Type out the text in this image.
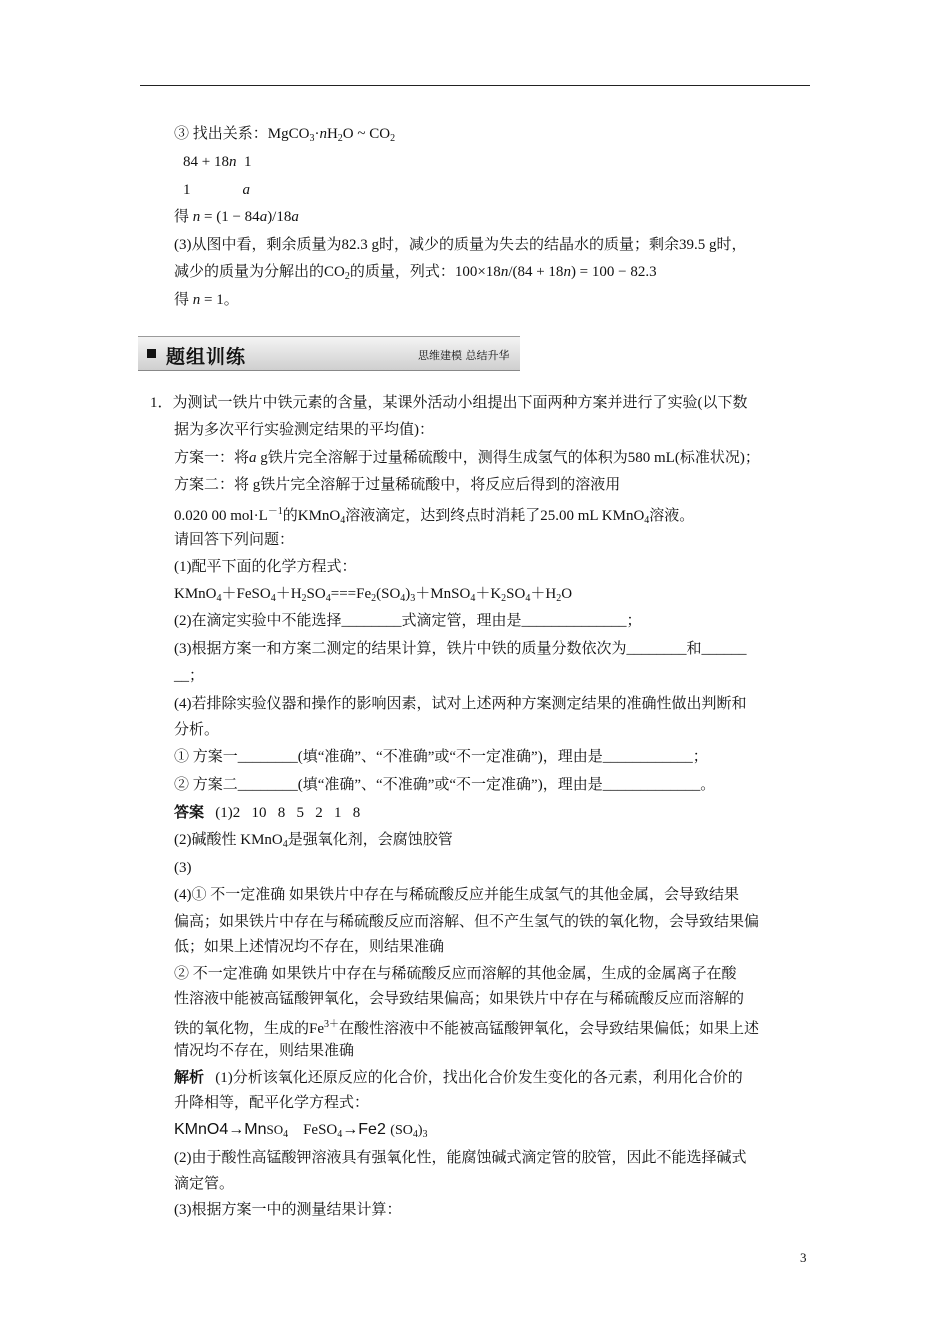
③ 找出关系：$MgCO_3\cdot nH_2O$ ~ $CO_2$
84 + 18n  1
1	a
得 n = (1 − 84a)/18a
(3)从图中看，剩余质量为82.3 g时，减少的质量为失去的结晶水的质量；剩余39.5 g时，
减少的质量为分解出的$CO_2$的质量，列式：100×18n/(84 + 18n) = 100 − 82.3
得 n = 1。
题组训练	思维建模 总结升华
1．为测试一铁片中铁元素的含量，某课外活动小组提出下面两种方案并进行了实验(以下数
据为多次平行实验测定结果的平均值)：
方案一：将a g铁片完全溶解于过量稀硫酸中，测得生成氢气的体积为580 mL(标准状况)；
方案二：将 g铁片完全溶解于过量稀硫酸中，将反应后得到的溶液用
0.020 00 $mol\cdot L^{-1}$的KMnO$_4$溶液滴定，达到终点时消耗了25.00 mL KMnO$_4$溶液。
请回答下列问题：
(1)配平下面的化学方程式：
$KMnO_4+FeSO_4+H_2SO_4===Fe_2(SO_4)_3+MnSO_4+K_2SO_4+H_2O$
(2)在滴定实验中不能选择________式滴定管，理由是______________；
(3)根据方案一和方案二测定的结果计算，铁片中铁的质量分数依次为________和______
__；
(4)若排除实验仪器和操作的影响因素，试对上述两种方案测定结果的准确性做出判断和
分析。
① 方案一________(填“准确”、“不准确”或“不一定准确”)，理由是____________；
② 方案二________(填“准确”、“不准确”或“不一定准确”)，理由是_____________。
答案   (1)2   10   8   5   2   1   8
(2)碱酸性 KMnO$_4$是强氧化剂，会腐蚀胶管
(3)
(4)① 不一定准确 如果铁片中存在与稀硫酸反应并能生成氢气的其他金属，会导致结果
偏高；如果铁片中存在与稀硫酸反应而溶解、但不产生氢气的铁的氧化物，会导致结果偏
低；如果上述情况均不存在，则结果准确
② 不一定准确 如果铁片中存在与稀硫酸反应而溶解的其他金属，生成的金属离子在酸
性溶液中能被高锰酸钾氧化，会导致结果偏高；如果铁片中存在与稀硫酸反应而溶解的
铁的氧化物，生成的$Fe^{3+}$在酸性溶液中不能被高锰酸钾氧化，会导致结果偏低；如果上述
情况均不存在，则结果准确
解析   (1)分析该氧化还原反应的化合价，找出化合价发生变化的各元素，利用化合价的
升降相等，配平化学方程式：
KMnO4→MnSO$_4$    FeSO$_4$→Fe2 $(SO_4)_3$
(2)由于酸性高锰酸钾溶液具有强氧化性，能腐蚀碱式滴定管的胶管，因此不能选择碱式
滴定管。
(3)根据方案一中的测量结果计算：
3
